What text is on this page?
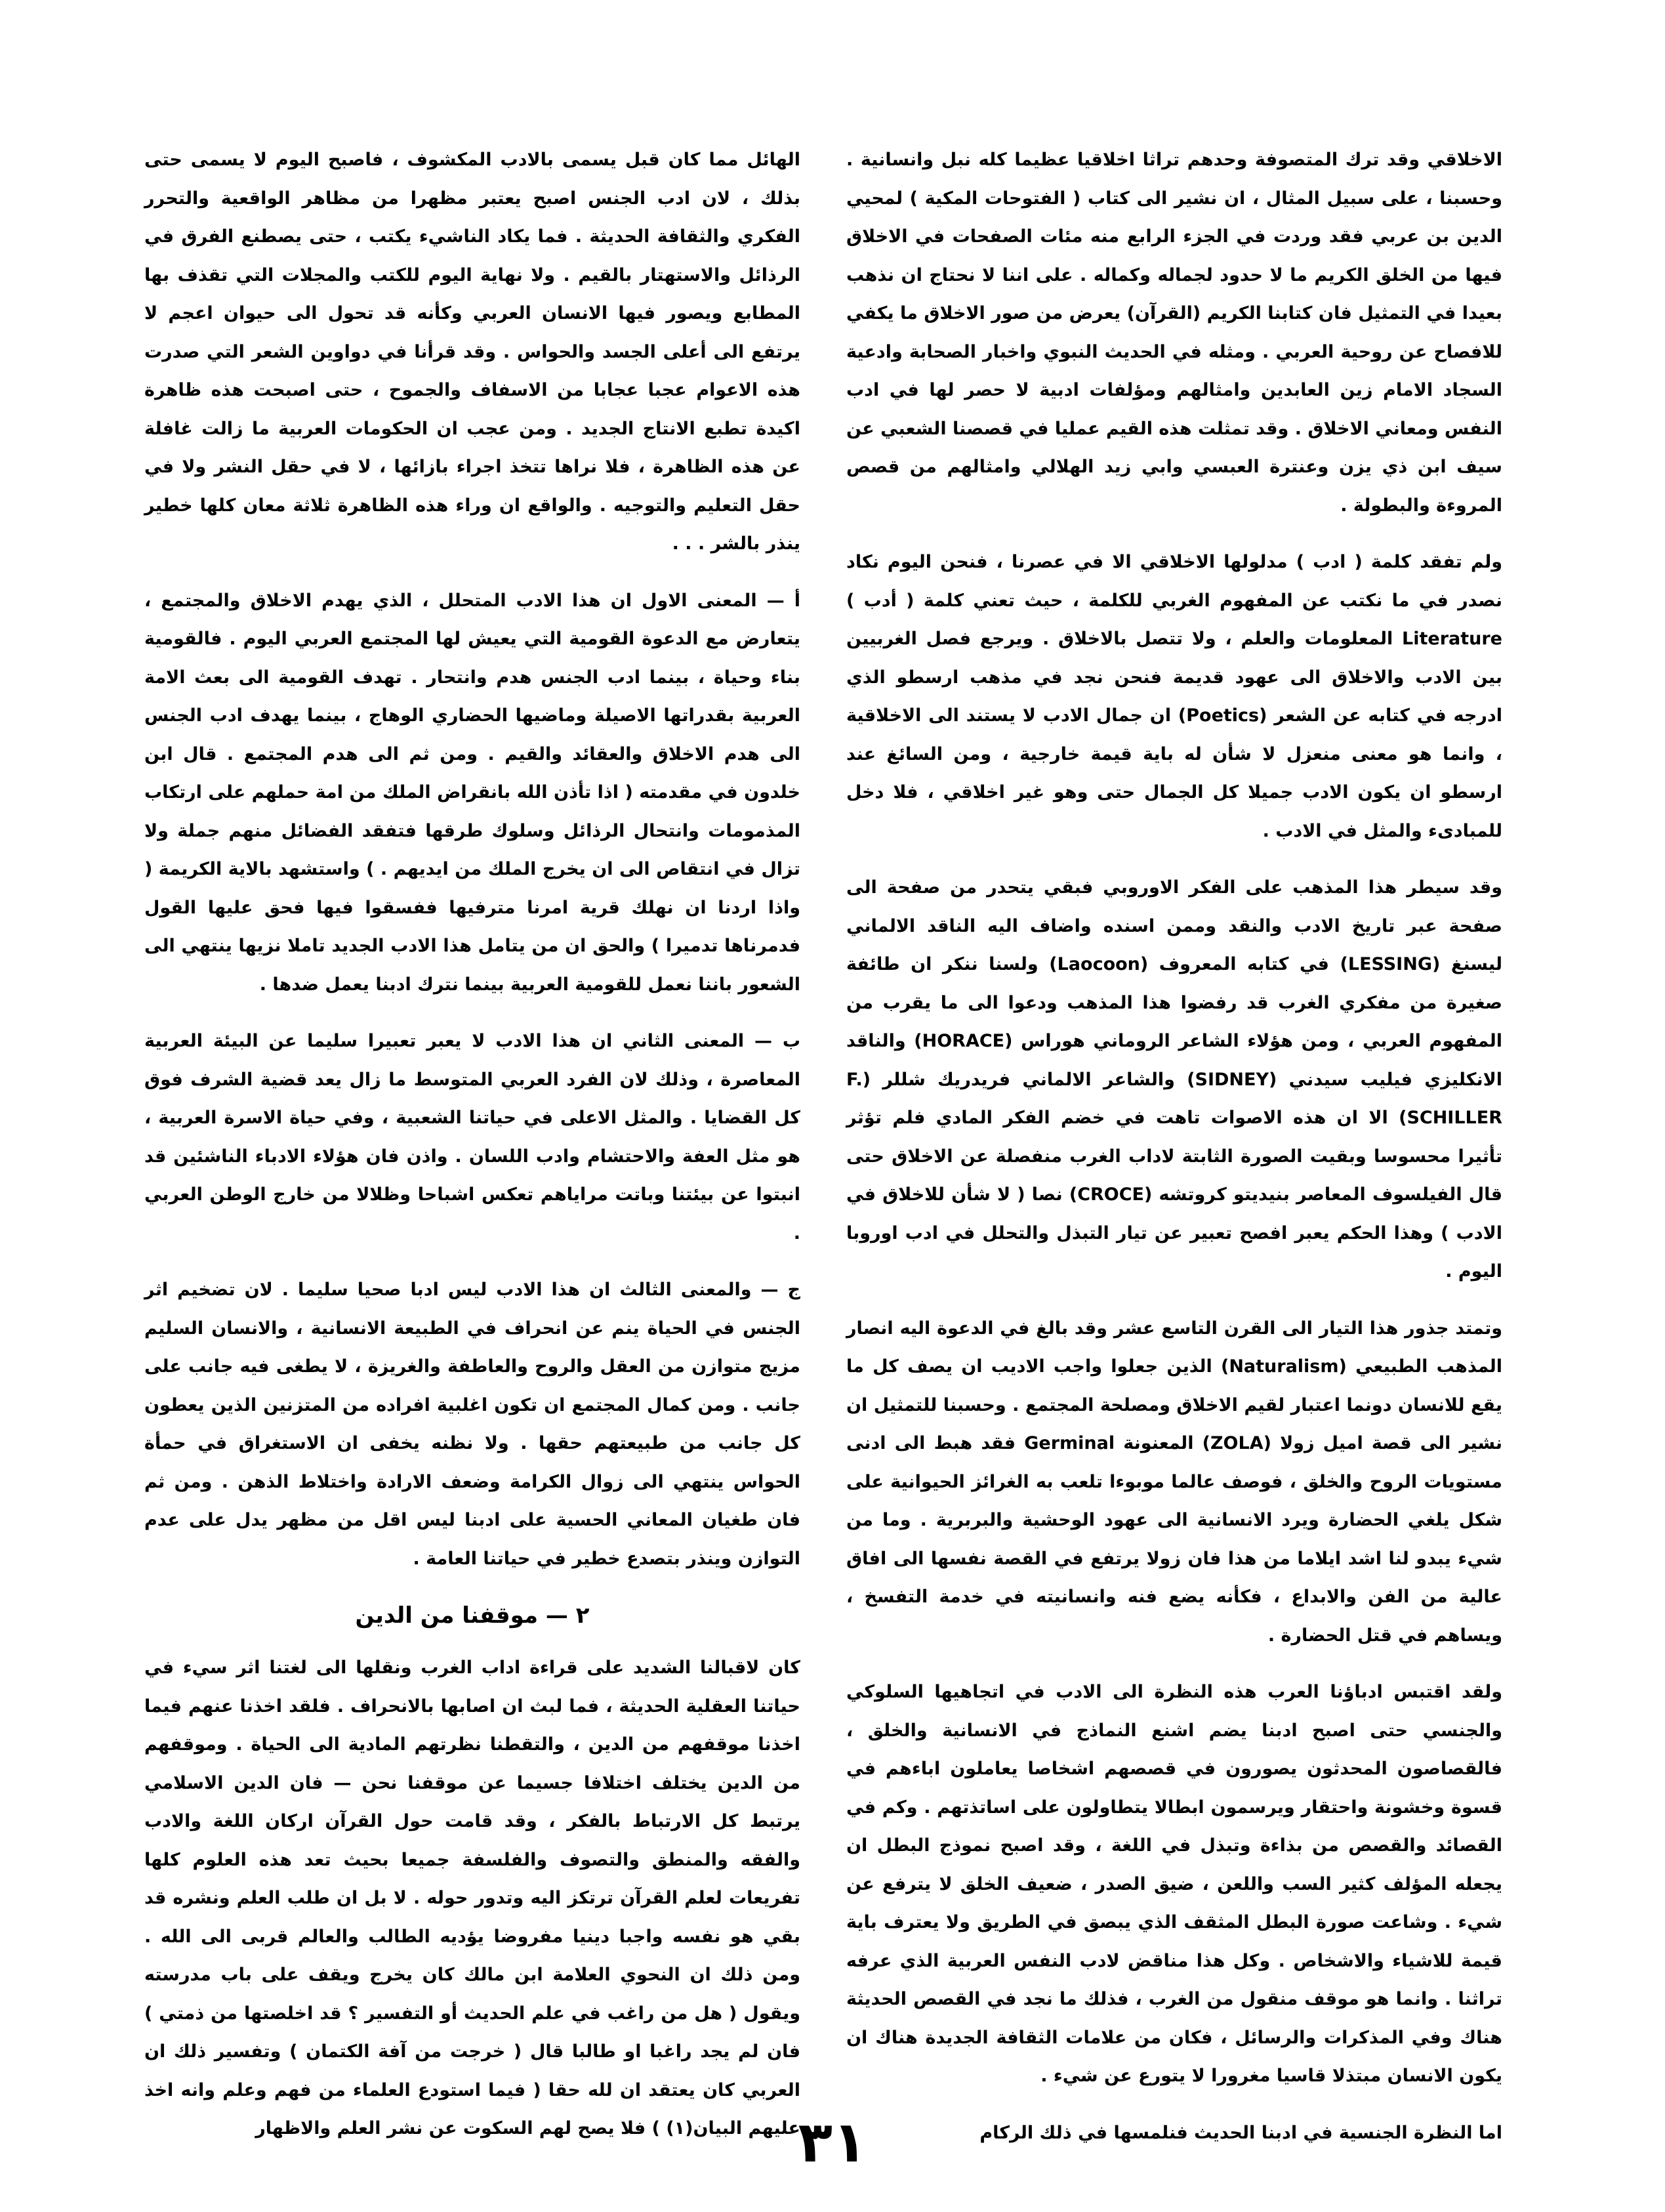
الاخلاقي وقد ترك المتصوفة وحدهم تراثا اخلاقيا عظيما كله نبل وانسانية . وحسبنا ، على سبيل المثال ، ان نشير الى كتاب ( الفتوحات المكية ) لمحيي الدين بن عربي فقد وردت في الجزء الرابع منه مئات الصفحات في الاخلاق فيها من الخلق الكريم ما لا حدود لجماله وكماله . على اننا لا نحتاج ان نذهب بعيدا في التمثيل فان كتابنا الكريم (القرآن) يعرض من صور الاخلاق ما يكفي للافصاح عن روحية العربي . ومثله في الحديث النبوي واخبار الصحابة وادعية السجاد الامام زين العابدين وامثالهم ومؤلفات ادبية لا حصر لها في ادب النفس ومعاني الاخلاق . وقد تمثلت هذه القيم عمليا في قصصنا الشعبي عن سيف ابن ذي يزن وعنترة العبسي وابي زيد الهلالي وامثالهم من قصص المروءة والبطولة .

ولم تفقد كلمة ( ادب ) مدلولها الاخلاقي الا في عصرنا ، فنحن اليوم نكاد نصدر في ما نكتب عن المفهوم الغربي للكلمة ، حيث تعني كلمة ( أدب ) Literature المعلومات والعلم ، ولا تتصل بالاخلاق . ويرجع فصل الغربيين بين الادب والاخلاق الى عهود قديمة فنحن نجد في مذهب ارسطو الذي ادرجه في كتابه عن الشعر (Poetics) ان جمال الادب لا يستند الى الاخلاقية ، وانما هو معنى منعزل لا شأن له باية قيمة خارجية ، ومن السائغ عند ارسطو ان يكون الادب جميلا كل الجمال حتى وهو غير اخلاقي ، فلا دخل للمبادىء والمثل في الادب .

وقد سيطر هذا المذهب على الفكر الاوروبي فبقي يتحدر من صفحة الى صفحة عبر تاريخ الادب والنقد وممن اسنده واضاف اليه الناقد الالماني ليسنغ (LESSING) في كتابه المعروف (Laocoon) ولسنا ننكر ان طائفة صغيرة من مفكري الغرب قد رفضوا هذا المذهب ودعوا الى ما يقرب من المفهوم العربي ، ومن هؤلاء الشاعر الروماني هوراس (HORACE) والناقد الانكليزي فيليب سيدني (SIDNEY) والشاعر الالماني فريدريك شللر (F. SCHILLER) الا ان هذه الاصوات تاهت في خضم الفكر المادي فلم تؤثر تأثيرا محسوسا وبقيت الصورة الثابتة لاداب الغرب منفصلة عن الاخلاق حتى قال الفيلسوف المعاصر بنيديتو كروتشه (CROCE) نصا ( لا شأن للاخلاق في الادب ) وهذا الحكم يعبر افصح تعبير عن تيار التبذل والتحلل في ادب اوروبا اليوم .

وتمتد جذور هذا التيار الى القرن التاسع عشر وقد بالغ في الدعوة اليه انصار المذهب الطبيعي (Naturalism) الذين جعلوا واجب الاديب ان يصف كل ما يقع للانسان دونما اعتبار لقيم الاخلاق ومصلحة المجتمع . وحسبنا للتمثيل ان نشير الى قصة اميل زولا (ZOLA) المعنونة Germinal فقد هبط الى ادنى مستويات الروح والخلق ، فوصف عالما موبوءا تلعب به الغرائز الحيوانية على شكل يلغي الحضارة ويرد الانسانية الى عهود الوحشية والبربرية . وما من شيء يبدو لنا اشد ايلاما من هذا فان زولا يرتفع في القصة نفسها الى افاق عالية من الفن والابداع ، فكأنه يضع فنه وانسانيته في خدمة التفسخ ، ويساهم في قتل الحضارة .

ولقد اقتبس ادباؤنا العرب هذه النظرة الى الادب في اتجاهيها السلوكي والجنسي حتى اصبح ادبنا يضم اشنع النماذج في الانسانية والخلق ، فالقصاصون المحدثون يصورون في قصصهم اشخاصا يعاملون اباءهم في قسوة وخشونة واحتقار ويرسمون ابطالا يتطاولون على اساتذتهم . وكم في القصائد والقصص من بذاءة وتبذل في اللغة ، وقد اصبح نموذج البطل ان يجعله المؤلف كثير السب واللعن ، ضيق الصدر ، ضعيف الخلق لا يترفع عن شيء . وشاعت صورة البطل المثقف الذي يبصق في الطريق ولا يعترف باية قيمة للاشياء والاشخاص . وكل هذا مناقض لادب النفس العربية الذي عرفه تراثنا . وانما هو موقف منقول من الغرب ، فذلك ما نجد في القصص الحديثة هناك وفي المذكرات والرسائل ، فكان من علامات الثقافة الجديدة هناك ان يكون الانسان مبتذلا قاسيا مغرورا لا يتورع عن شيء .

اما النظرة الجنسية في ادبنا الحديث فنلمسها في ذلك الركام

الهائل مما كان قبل يسمى بالادب المكشوف ، فاصبح اليوم لا يسمى حتى بذلك ، لان ادب الجنس اصبح يعتبر مظهرا من مظاهر الواقعية والتحرر الفكري والثقافة الحديثة . فما يكاد الناشيء يكتب ، حتى يصطنع الفرق في الرذائل والاستهتار بالقيم . ولا نهاية اليوم للكتب والمجلات التي تقذف بها المطابع ويصور فيها الانسان العربي وكأنه قد تحول الى حيوان اعجم لا يرتفع الى أعلى الجسد والحواس . وقد قرأنا في دواوين الشعر التي صدرت هذه الاعوام عجبا عجابا من الاسفاف والجموح ، حتى اصبحت هذه ظاهرة اكيدة تطبع الانتاج الجديد . ومن عجب ان الحكومات العربية ما زالت غافلة عن هذه الظاهرة ، فلا نراها تتخذ اجراء بازائها ، لا في حقل النشر ولا في حقل التعليم والتوجيه . والواقع ان وراء هذه الظاهرة ثلاثة معان كلها خطير ينذر بالشر . . .

أ — المعنى الاول ان هذا الادب المتحلل ، الذي يهدم الاخلاق والمجتمع ، يتعارض مع الدعوة القومية التي يعيش لها المجتمع العربي اليوم . فالقومية بناء وحياة ، بينما ادب الجنس هدم وانتحار . تهدف القومية الى بعث الامة العربية بقدراتها الاصيلة وماضيها الحضاري الوهاج ، بينما يهدف ادب الجنس الى هدم الاخلاق والعقائد والقيم . ومن ثم الى هدم المجتمع . قال ابن خلدون في مقدمته ( اذا تأذن الله بانقراض الملك من امة حملهم على ارتكاب المذمومات وانتحال الرذائل وسلوك طرقها فتفقد الفضائل منهم جملة ولا تزال في انتقاص الى ان يخرج الملك من ايديهم . ) واستشهد بالاية الكريمة ( واذا اردنا ان نهلك قرية امرنا مترفيها ففسقوا فيها فحق عليها القول فدمرناها تدميرا ) والحق ان من يتامل هذا الادب الجديد تاملا نزيها ينتهي الى الشعور باننا نعمل للقومية العربية بينما نترك ادبنا يعمل ضدها .

ب — المعنى الثاني ان هذا الادب لا يعبر تعبيرا سليما عن البيئة العربية المعاصرة ، وذلك لان الفرد العربي المتوسط ما زال يعد قضية الشرف فوق كل القضايا . والمثل الاعلى في حياتنا الشعبية ، وفي حياة الاسرة العربية ، هو مثل العفة والاحتشام وادب اللسان . واذن فان هؤلاء الادباء الناشئين قد انبتوا عن بيئتنا وباتت مراياهم تعكس اشباحا وظلالا من خارج الوطن العربي .

ج — والمعنى الثالث ان هذا الادب ليس ادبا صحيا سليما . لان تضخيم اثر الجنس في الحياة ينم عن انحراف في الطبيعة الانسانية ، والانسان السليم مزيج متوازن من العقل والروح والعاطفة والغريزة ، لا يطغى فيه جانب على جانب . ومن كمال المجتمع ان تكون اغلبية افراده من المتزنين الذين يعطون كل جانب من طبيعتهم حقها . ولا نظنه يخفى ان الاستغراق في حمأة الحواس ينتهي الى زوال الكرامة وضعف الارادة واختلاط الذهن . ومن ثم فان طغيان المعاني الحسية على ادبنا ليس اقل من مظهر يدل على عدم التوازن وينذر بتصدع خطير في حياتنا العامة .

٢ — موقفنا من الدين

كان لاقبالنا الشديد على قراءة اداب الغرب ونقلها الى لغتنا اثر سيء في حياتنا العقلية الحديثة ، فما لبث ان اصابها بالانحراف . فلقد اخذنا عنهم فيما اخذنا موقفهم من الدين ، والتقطنا نظرتهم المادية الى الحياة . وموقفهم من الدين يختلف اختلافا جسيما عن موقفنا نحن — فان الدين الاسلامي يرتبط كل الارتباط بالفكر ، وقد قامت حول القرآن اركان اللغة والادب والفقه والمنطق والتصوف والفلسفة جميعا بحيث تعد هذه العلوم كلها تفريعات لعلم القرآن ترتكز اليه وتدور حوله . لا بل ان طلب العلم ونشره قد بقي هو نفسه واجبا دينيا مفروضا يؤديه الطالب والعالم قربى الى الله . ومن ذلك ان النحوي العلامة ابن مالك كان يخرج ويقف على باب مدرسته ويقول ( هل من راغب في علم الحديث أو التفسير ؟ قد اخلصتها من ذمتي ) فان لم يجد راغبا او طالبا قال ( خرجت من آفة الكتمان ) وتفسير ذلك ان العربي كان يعتقد ان لله حقا ( فيما استودع العلماء من فهم وعلم وانه اخذ عليهم البيان(١) ) فلا يصح لهم السكوت عن نشر العلم والاظهار

٣١
